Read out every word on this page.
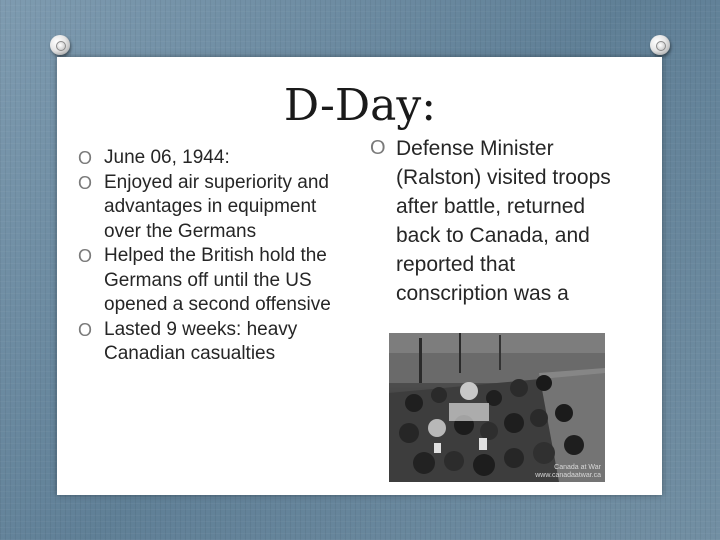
D-Day:
O June 06, 1944:
O Enjoyed air superiority and advantages in equipment over the Germans
O Helped the British hold the Germans off until the US opened a second offensive
O Lasted 9 weeks: heavy Canadian casualties
O Defense Minister (Ralston) visited troops after battle, returned back to Canada, and reported that conscription was a
Canada at War
www.canadaatwar.ca
